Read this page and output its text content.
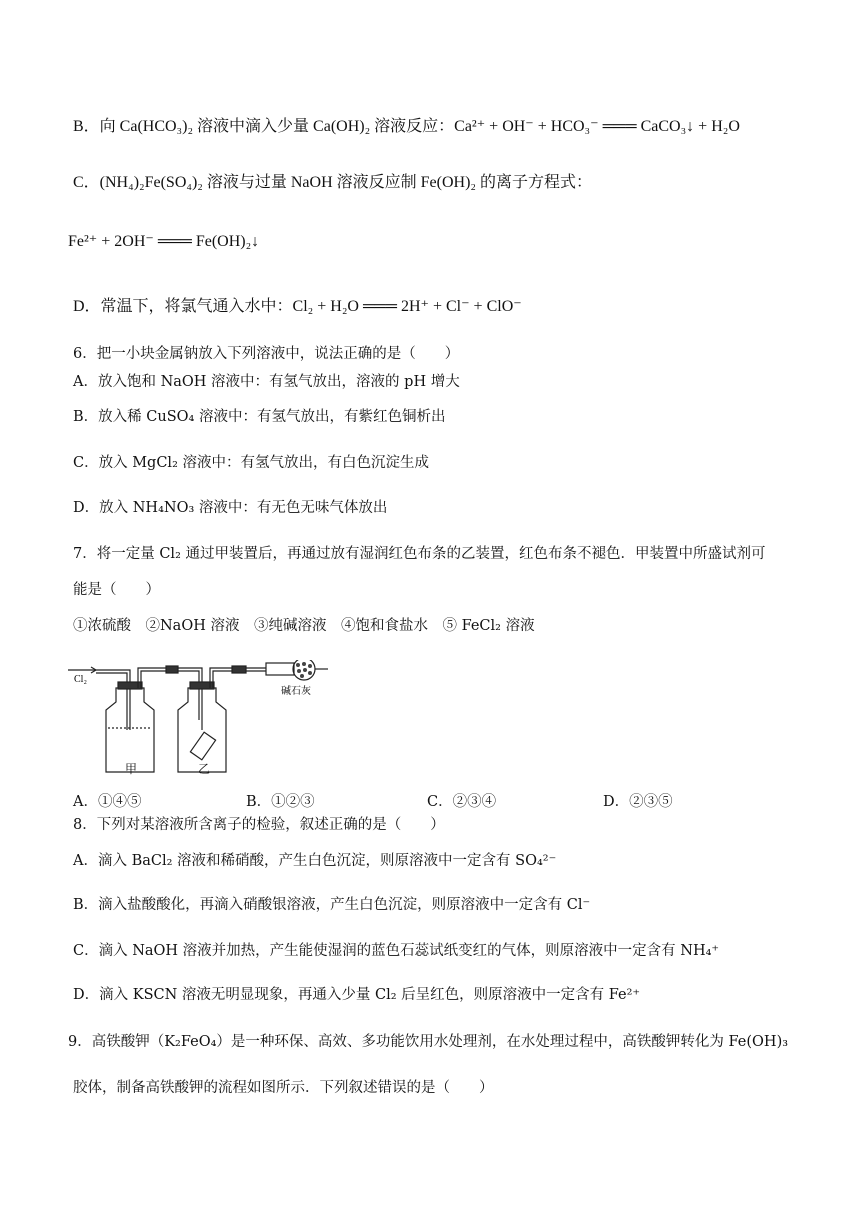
B．向 Ca(HCO₃)₂ 溶液中滴入少量 Ca(OH)₂ 溶液反应：Ca²⁺ + OH⁻ + HCO₃⁻ ═══ CaCO₃↓ + H₂O
C．(NH₄)₂Fe(SO₄)₂ 溶液与过量 NaOH 溶液反应制 Fe(OH)₂ 的离子方程式：
Fe²⁺ + 2OH⁻ ═══ Fe(OH)₂↓
D．常温下，将氯气通入水中：Cl₂ + H₂O ═══ 2H⁺ + Cl⁻ + ClO⁻
6．把一小块金属钠放入下列溶液中，说法正确的是（　　）
A．放入饱和 NaOH 溶液中：有氢气放出，溶液的 pH 增大
B．放入稀 CuSO₄ 溶液中：有氢气放出，有紫红色铜析出
C．放入 MgCl₂ 溶液中：有氢气放出，有白色沉淀生成
D．放入 NH₄NO₃ 溶液中：有无色无味气体放出
7．将一定量 Cl₂ 通过甲装置后，再通过放有湿润红色布条的乙装置，红色布条不褪色．甲装置中所盛试剂可
能是（　　）
①浓硫酸　②NaOH 溶液　③纯碱溶液　④饱和食盐水　⑤ FeCl₂ 溶液
Cl₂
碱石灰
甲	乙
A．①④⑤	B．①②③	C．②③④	D．②③⑤
8．下列对某溶液所含离子的检验，叙述正确的是（　　）
A．滴入 BaCl₂ 溶液和稀硝酸，产生白色沉淀，则原溶液中一定含有 SO₄²⁻
B．滴入盐酸酸化，再滴入硝酸银溶液，产生白色沉淀，则原溶液中一定含有 Cl⁻
C．滴入 NaOH 溶液并加热，产生能使湿润的蓝色石蕊试纸变红的气体，则原溶液中一定含有 NH₄⁺
D．滴入 KSCN 溶液无明显现象，再通入少量 Cl₂ 后呈红色，则原溶液中一定含有 Fe²⁺
9．高铁酸钾（K₂FeO₄）是一种环保、高效、多功能饮用水处理剂，在水处理过程中，高铁酸钾转化为 Fe(OH)₃
胶体，制备高铁酸钾的流程如图所示．下列叙述错误的是（　　）
